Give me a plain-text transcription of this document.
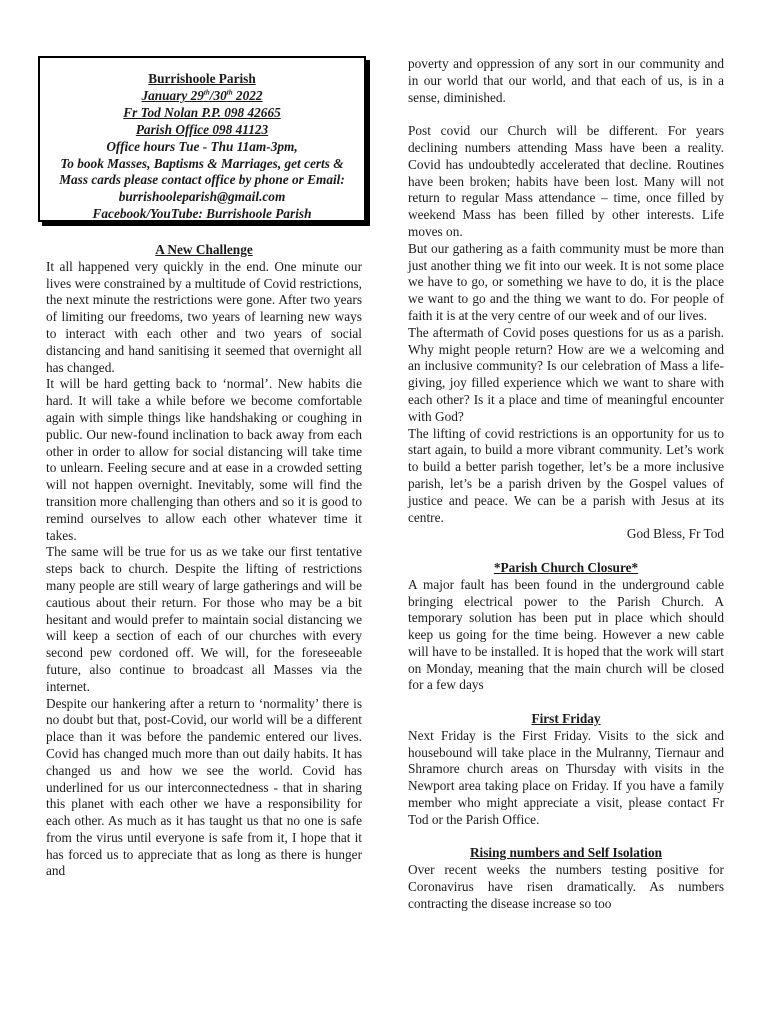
Burrishoole Parish
January 29th/30th 2022
Fr Tod Nolan P.P. 098 42665
Parish Office 098 41123
Office hours Tue - Thu 11am-3pm,
To book Masses, Baptisms & Marriages, get certs & Mass cards please contact office by phone or Email: burrishooleparish@gmail.com
Facebook/YouTube: Burrishoole Parish
A New Challenge

It all happened very quickly in the end. One minute our lives were constrained by a multitude of Covid restrictions, the next minute the restrictions were gone. After two years of limiting our freedoms, two years of learning new ways to interact with each other and two years of social distancing and hand sanitising it seemed that overnight all has changed.

It will be hard getting back to ‘normal’. New habits die hard. It will take a while before we become comfortable again with simple things like handshaking or coughing in public. Our new-found inclination to back away from each other in order to allow for social distancing will take time to unlearn. Feeling secure and at ease in a crowded setting will not happen overnight. Inevitably, some will find the transition more challenging than others and so it is good to remind ourselves to allow each other whatever time it takes.

The same will be true for us as we take our first tentative steps back to church. Despite the lifting of restrictions many people are still weary of large gatherings and will be cautious about their return. For those who may be a bit hesitant and would prefer to maintain social distancing we will keep a section of each of our churches with every second pew cordoned off. We will, for the foreseeable future, also continue to broadcast all Masses via the internet.

Despite our hankering after a return to ‘normality’ there is no doubt but that, post-Covid, our world will be a different place than it was before the pandemic entered our lives. Covid has changed much more than out daily habits. It has changed us and how we see the world. Covid has underlined for us our interconnectedness - that in sharing this planet with each other we have a responsibility for each other. As much as it has taught us that no one is safe from the virus until everyone is safe from it, I hope that it has forced us to appreciate that as long as there is hunger and

poverty and oppression of any sort in our community and in our world that our world, and that each of us, is in a sense, diminished.

Post covid our Church will be different. For years declining numbers attending Mass have been a reality. Covid has undoubtedly accelerated that decline. Routines have been broken; habits have been lost. Many will not return to regular Mass attendance – time, once filled by weekend Mass has been filled by other interests. Life moves on.

But our gathering as a faith community must be more than just another thing we fit into our week. It is not some place we have to go, or something we have to do, it is the place we want to go and the thing we want to do. For people of faith it is at the very centre of our week and of our lives.

The aftermath of Covid poses questions for us as a parish. Why might people return? How are we a welcoming and an inclusive community? Is our celebration of Mass a life-giving, joy filled experience which we want to share with each other? Is it a place and time of meaningful encounter with God?

The lifting of covid restrictions is an opportunity for us to start again, to build a more vibrant community. Let’s work to build a better parish together, let’s be a more inclusive parish, let’s be a parish driven by the Gospel values of justice and peace. We can be a parish with Jesus at its centre.

God Bless, Fr Tod

*Parish Church Closure*

A major fault has been found in the underground cable bringing electrical power to the Parish Church. A temporary solution has been put in place which should keep us going for the time being. However a new cable will have to be installed. It is hoped that the work will start on Monday, meaning that the main church will be closed for a few days

First Friday

Next Friday is the First Friday. Visits to the sick and housebound will take place in the Mulranny, Tiernaur and Shramore church areas on Thursday with visits in the Newport area taking place on Friday. If you have a family member who might appreciate a visit, please contact Fr Tod or the Parish Office.

Rising numbers and Self Isolation

Over recent weeks the numbers testing positive for Coronavirus have risen dramatically. As numbers contracting the disease increase so too
